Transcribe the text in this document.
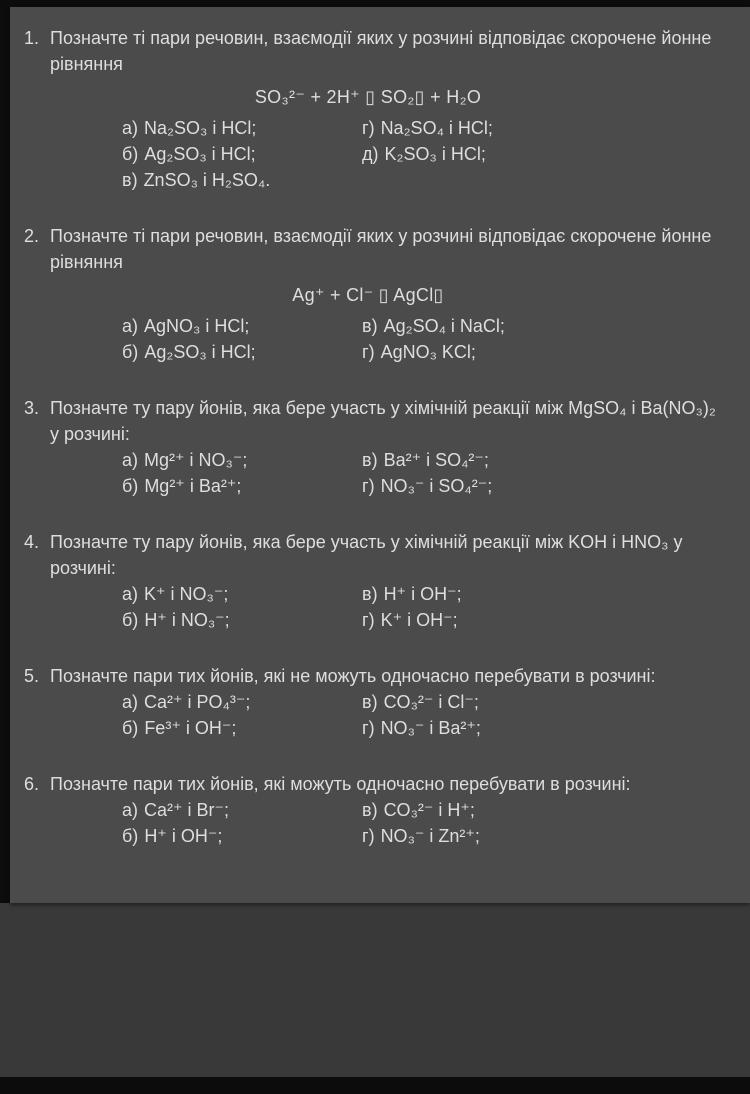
1. Позначте ті пари речовин, взаємодії яких у розчині відповідає скорочене йонне рівняння

SO₃²⁻ + 2H⁺ ▯ SO₂▯ + H₂O
а) Na₂SO₃ і HCl;
б) Ag₂SO₃ і HCl;
в) ZnSO₃ і H₂SO₄.
г) Na₂SO₄ і HCl;
д) K₂SO₃ і HCl;
2. Позначте ті пари речовин, взаємодії яких у розчині відповідає скорочене йонне рівняння

Ag⁺ + Cl⁻ ▯ AgCl▯
а) AgNO₃ і HCl;
б) Ag₂SO₃ і HCl;
в) Ag₂SO₄ і NaCl;
г) AgNO₃ KCl;
3. Позначте ту пару йонів, яка бере участь у хімічній реакції між MgSO₄ і Ba(NO₃)₂ у розчині:

а) Mg²⁺ і NO₃⁻;
б) Mg²⁺ і Ba²⁺;
в) Ba²⁺ і SO₄²⁻;
г) NO₃⁻ і SO₄²⁻;
4. Позначте ту пару йонів, яка бере участь у хімічній реакції між KOH і HNO₃ у розчині:

а) K⁺ і NO₃⁻;
б) H⁺ і NO₃⁻;
в) H⁺ і OH⁻;
г) K⁺ і OH⁻;
5. Позначте пари тих йонів, які не можуть одночасно перебувати в розчині:

а) Ca²⁺ і PO₄³⁻;
б) Fe³⁺ і OH⁻;
в) CO₃²⁻ і Cl⁻;
г) NO₃⁻ і Ba²⁺;
6. Позначте пари тих йонів, які можуть одночасно перебувати в розчині:

а) Ca²⁺ і Br⁻;
б) H⁺ і OH⁻;
в) CO₃²⁻ і H⁺;
г) NO₃⁻ і Zn²⁺;
